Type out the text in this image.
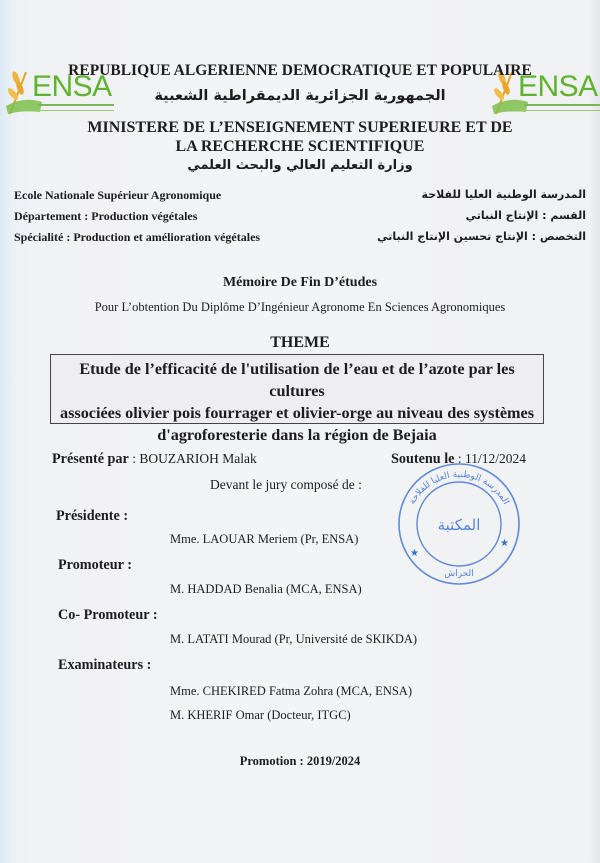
ENSA	ENSA
REPUBLIQUE ALGERIENNE DEMOCRATIQUE ET POPULAIRE
الجمهورية الجزائرية الديمقراطية الشعبية
MINISTERE DE L’ENSEIGNEMENT SUPERIEURE ET DE LA RECHERCHE SCIENTIFIQUE
وزارة التعليم العالي والبحث العلمي
Ecole Nationale Supérieur Agronomique
Département : Production végétales
Spécialité : Production et amélioration végétales
المدرسة الوطنية العليا للفلاحة
القسم : الإنتاج النباتي
التخصص : الإنتاج تحسين الإنتاج النباتي
Mémoire De Fin D’études
Pour L’obtention Du Diplôme D’Ingénieur Agronome En Sciences Agronomiques
THEME
Etude de l’efficacité de l'utilisation de l’eau et de l’azote par les cultures
associées olivier pois fourrager et olivier-orge au niveau des systèmes
d'agroforesterie dans la région de Bejaia
Présenté par : BOUZARIOH Malak	Soutenu le : 11/12/2024
Devant le jury composé de :
Présidente :
Mme. LAOUAR Meriem (Pr, ENSA)
Promoteur :
M. HADDAD Benalia (MCA, ENSA)
Co- Promoteur :
M. LATATI Mourad (Pr, Université de SKIKDA)
Examinateurs :
Mme. CHEKIRED Fatma Zohra (MCA, ENSA)
M. KHERIF Omar (Docteur, ITGC)
المدرسة الوطنية العليا للفلاحة
المكتبة
الحراش
★
★
Promotion : 2019/2024
